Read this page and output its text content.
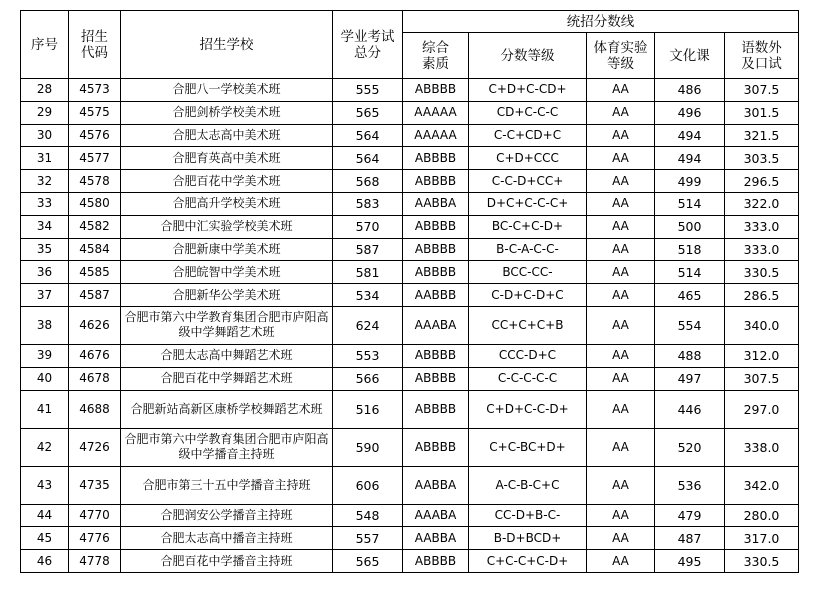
序号	招生代码	招生学校	学业考试总分	统招分数线				
				综合素质	分数等级	体育实验等级	文化课	语数外及口试
28	4573	合肥八一学校美术班	555	ABBBB	C+D+C-CD+	AA	486	307.5
29	4575	合肥剑桥学校美术班	565	AAAAA	CD+C-C-C	AA	496	301.5
30	4576	合肥太志高中美术班	564	AAAAA	C-C+CD+C	AA	494	321.5
31	4577	合肥育英高中美术班	564	ABBBB	C+D+CCC	AA	494	303.5
32	4578	合肥百花中学美术班	568	ABBBB	C-C-D+CC+	AA	499	296.5
33	4580	合肥高升学校美术班	583	AABBA	D+C+C-C-C+	AA	514	322.0
34	4582	合肥中汇实验学校美术班	570	ABBBB	BC-C+C-D+	AA	500	333.0
35	4584	合肥新康中学美术班	587	ABBBB	B-C-A-C-C-	AA	518	333.0
36	4585	合肥皖智中学美术班	581	ABBBB	BCC-CC-	AA	514	330.5
37	4587	合肥新华公学美术班	534	AABBB	C-D+C-D+C	AA	465	286.5
38	4626	合肥市第六中学教育集团合肥市庐阳高级中学舞蹈艺术班	624	AAABA	CC+C+C+B	AA	554	340.0
39	4676	合肥太志高中舞蹈艺术班	553	ABBBB	CCC-D+C	AA	488	312.0
40	4678	合肥百花中学舞蹈艺术班	566	ABBBB	C-C-C-C-C	AA	497	307.5
41	4688	合肥新站高新区康桥学校舞蹈艺术班	516	ABBBB	C+D+C-C-D+	AA	446	297.0
42	4726	合肥市第六中学教育集团合肥市庐阳高级中学播音主持班	590	ABBBB	C+C-BC+D+	AA	520	338.0
43	4735	合肥市第三十五中学播音主持班	606	AABBA	A-C-B-C+C	AA	536	342.0
44	4770	合肥润安公学播音主持班	548	AAABA	CC-D+B-C-	AA	479	280.0
45	4776	合肥太志高中播音主持班	557	AABBA	B-D+BCD+	AA	487	317.0
46	4778	合肥百花中学播音主持班	565	ABBBB	C+C-C+C-D+	AA	495	330.5
